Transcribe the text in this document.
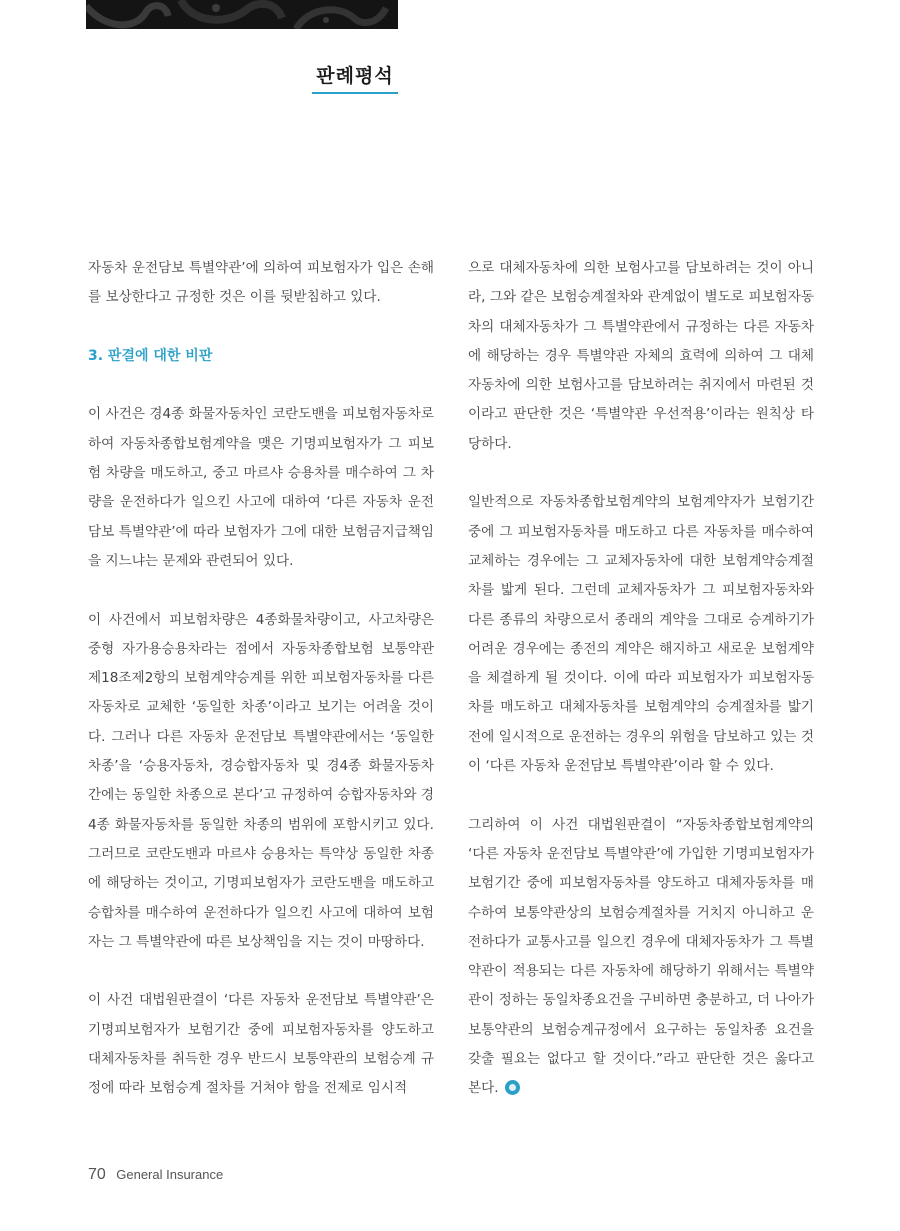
판례평석

자동차 운전담보 특별약관’에 의하여 피보험자가 입은 손해를 보상한다고 규정한 것은 이를 뒷받침하고 있다.

3. 판결에 대한 비판

이 사건은 경4종 화물자동차인 코란도밴을 피보험자동차로 하여 자동차종합보험계약을 맺은 기명피보험자가 그 피보험 차량을 매도하고, 중고 마르샤 승용차를 매수하여 그 차량을 운전하다가 일으킨 사고에 대하여 ‘다른 자동차 운전담보 특별약관’에 따라 보험자가 그에 대한 보험금지급책임을 지느냐는 문제와 관련되어 있다.

이 사건에서 피보험차량은 4종화물차량이고, 사고차량은 중형 자가용승용차라는 점에서 자동차종합보험 보통약관 제18조제2항의 보험계약승계를 위한 피보험자동차를 다른 자동차로 교체한 ‘동일한 차종’이라고 보기는 어려울 것이다. 그러나 다른 자동차 운전담보 특별약관에서는 ‘동일한 차종’을 ‘승용자동차, 경승합자동차 및 경4종 화물자동차 간에는 동일한 차종으로 본다’고 규정하여 승합자동차와 경4종 화물자동차를 동일한 차종의 범위에 포함시키고 있다. 그러므로 코란도밴과 마르샤 승용차는 특약상 동일한 차종에 해당하는 것이고, 기명피보험자가 코란도밴을 매도하고 승합차를 매수하여 운전하다가 일으킨 사고에 대하여 보험자는 그 특별약관에 따른 보상책임을 지는 것이 마땅하다.

이 사건 대법원판결이 ‘다른 자동차 운전담보 특별약관’은 기명피보험자가 보험기간 중에 피보험자동차를 양도하고 대체자동차를 취득한 경우 반드시 보통약관의 보험승계 규정에 따라 보험승계 절차를 거쳐야 함을 전제로 임시적

으로 대체자동차에 의한 보험사고를 담보하려는 것이 아니라, 그와 같은 보험승계절차와 관계없이 별도로 피보험자동차의 대체자동차가 그 특별약관에서 규정하는 다른 자동차에 해당하는 경우 특별약관 자체의 효력에 의하여 그 대체자동차에 의한 보험사고를 담보하려는 취지에서 마련된 것이라고 판단한 것은 ‘특별약관 우선적용’이라는 원칙상 타당하다.

일반적으로 자동차종합보험계약의 보험계약자가 보험기간 중에 그 피보험자동차를 매도하고 다른 자동차를 매수하여 교체하는 경우에는 그 교체자동차에 대한 보험계약승계절차를 밟게 된다. 그런데 교체자동차가 그 피보험자동차와 다른 종류의 차량으로서 종래의 계약을 그대로 승계하기가 어려운 경우에는 종전의 계약은 해지하고 새로운 보험계약을 체결하게 될 것이다. 이에 따라 피보험자가 피보험자동차를 매도하고 대체자동차를 보험계약의 승계절차를 밟기 전에 일시적으로 운전하는 경우의 위험을 담보하고 있는 것이 ‘다른 자동차 운전담보 특별약관’이라 할 수 있다.

그리하여 이 사건 대법원판결이 “자동차종합보험계약의 ‘다른 자동차 운전담보 특별약관’에 가입한 기명피보험자가 보험기간 중에 피보험자동차를 양도하고 대체자동차를 매수하여 보통약관상의 보험승계절차를 거치지 아니하고 운전하다가 교통사고를 일으킨 경우에 대체자동차가 그 특별약관이 적용되는 다른 자동차에 해당하기 위해서는 특별약관이 정하는 동일차종요건을 구비하면 충분하고, 더 나아가 보통약관의 보험승계규정에서 요구하는 동일차종 요건을 갖출 필요는 없다고 할 것이다.”라고 판단한 것은 옳다고 본다.

70 General Insurance
